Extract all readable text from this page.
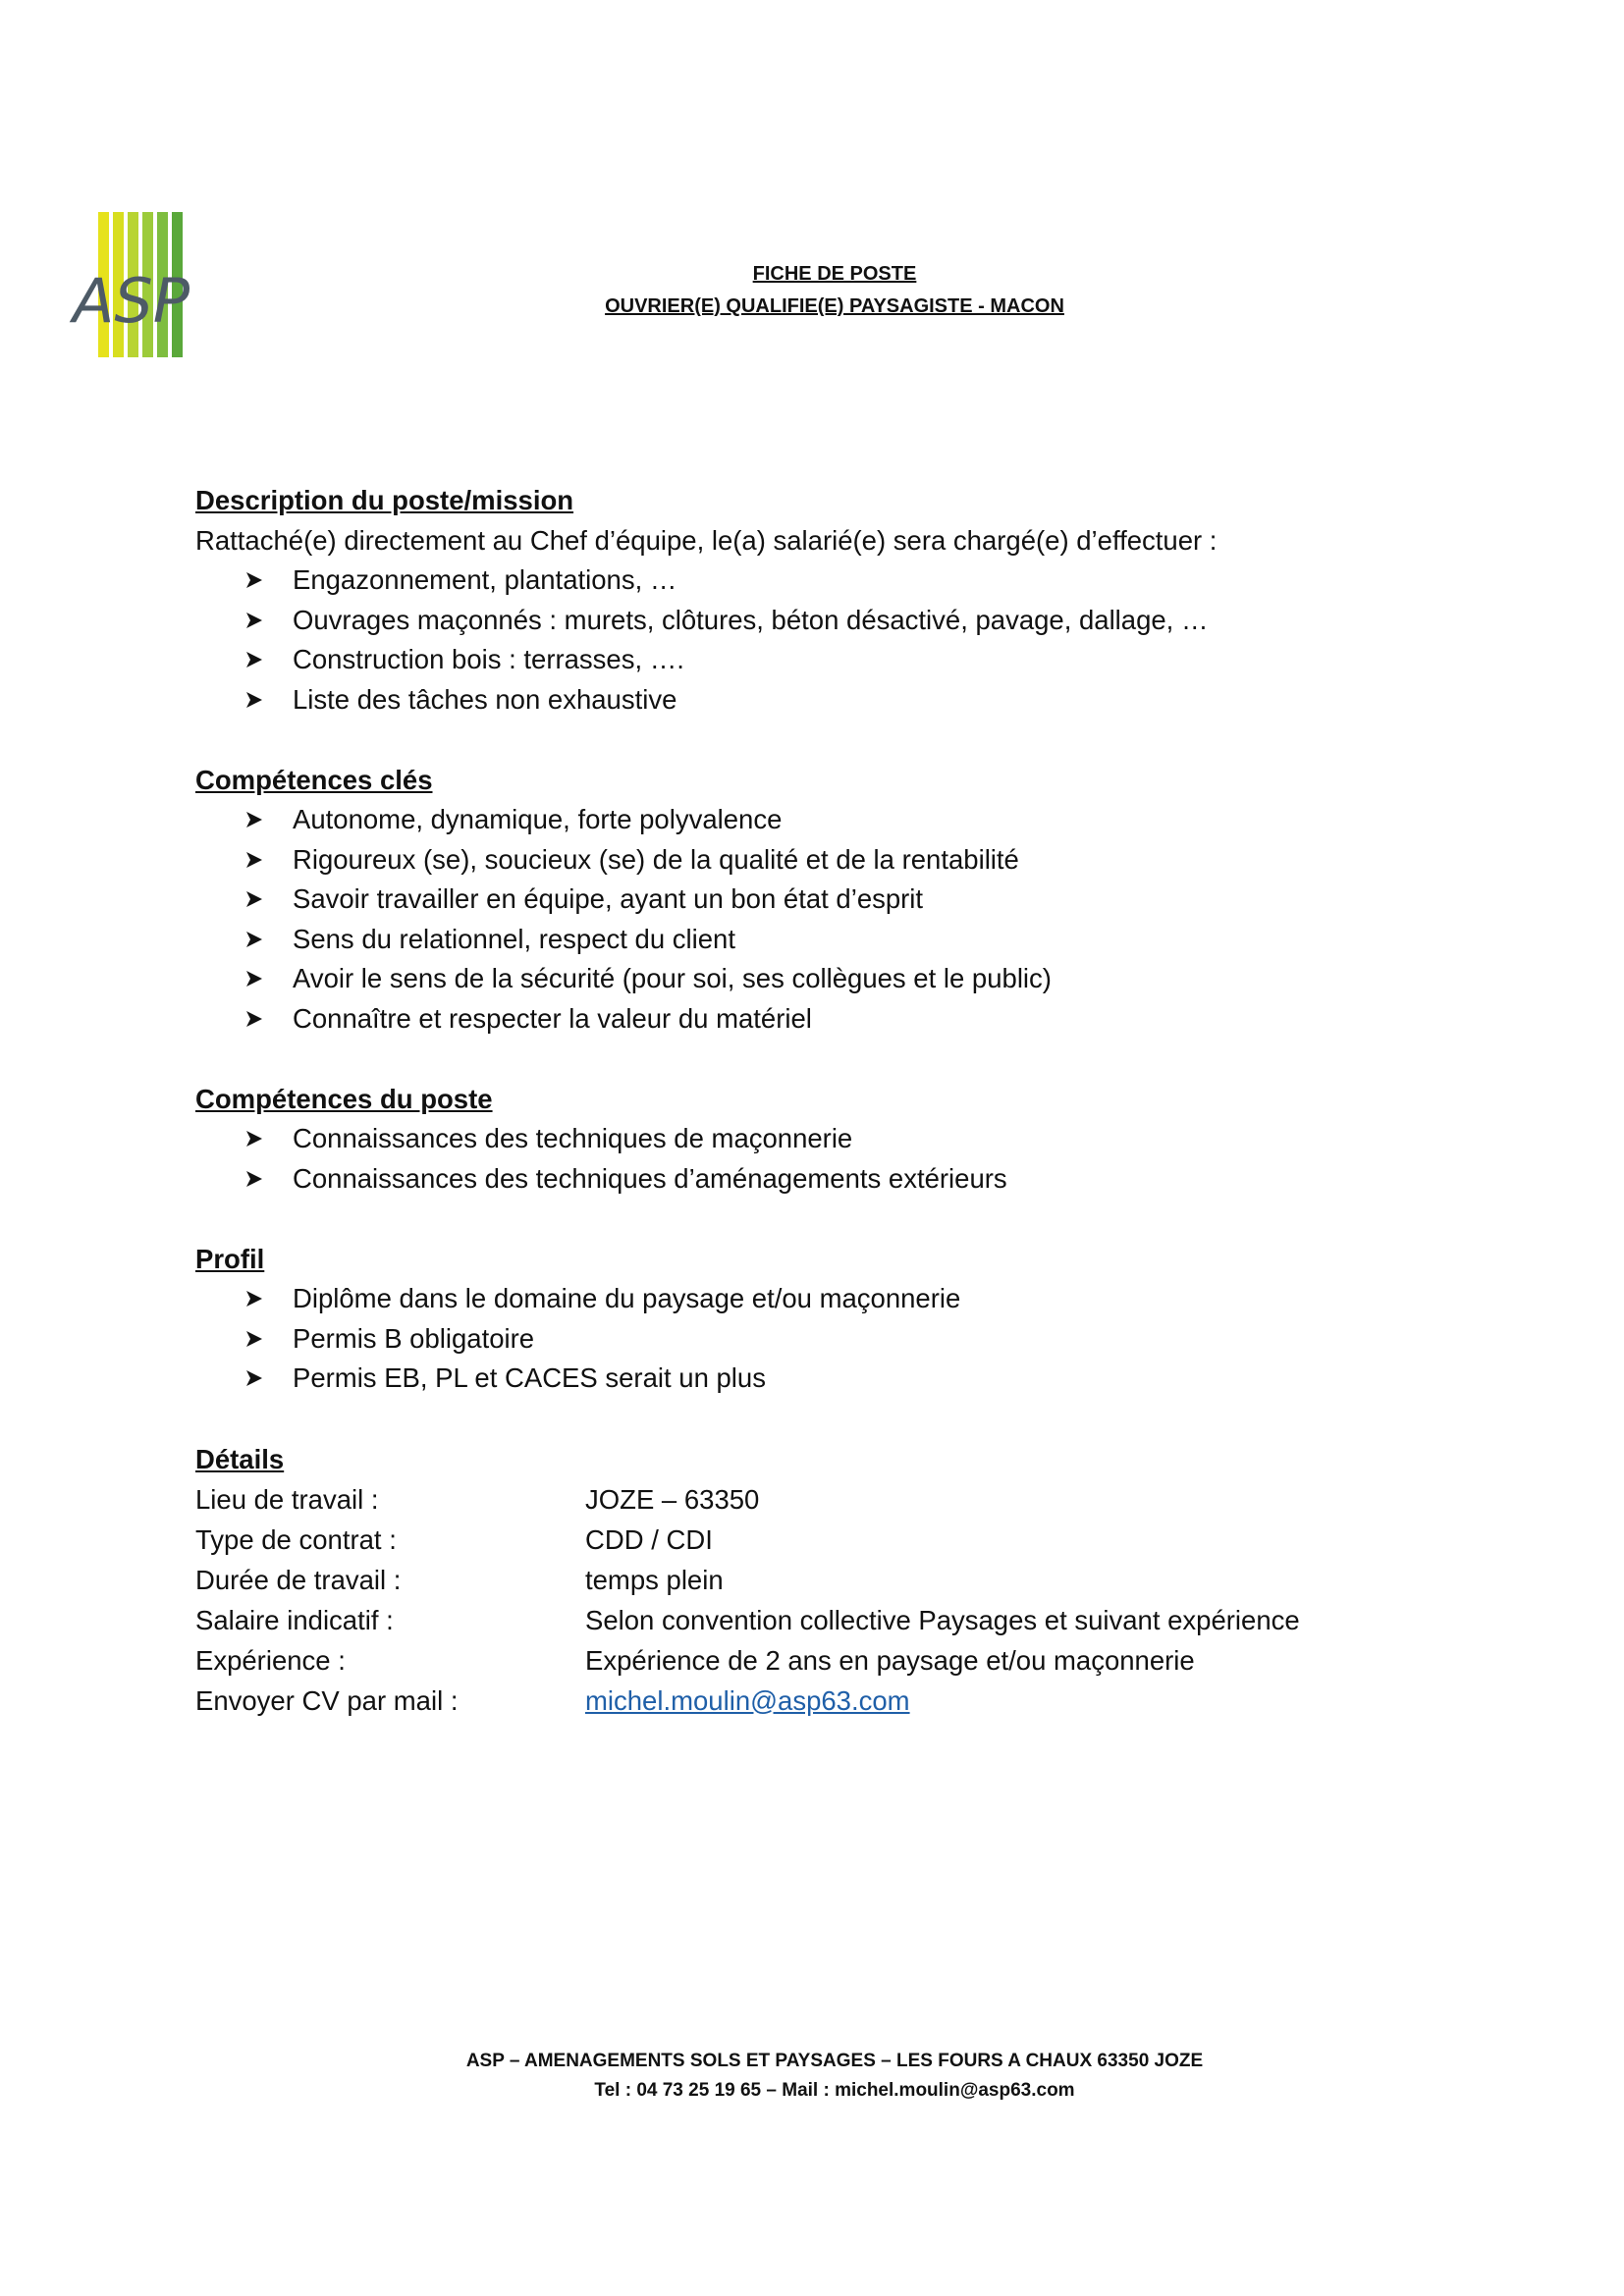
ASP	FICHE DE POSTE
OUVRIER(E) QUALIFIE(E) PAYSAGISTE - MACON
Description du poste/mission
Rattaché(e) directement au Chef d’équipe, le(a) salarié(e) sera chargé(e) d’effectuer :
Engazonnement, plantations, …
Ouvrages maçonnés : murets, clôtures, béton désactivé, pavage, dallage, …
Construction bois : terrasses, ….
Liste des tâches non exhaustive
Compétences clés
Autonome, dynamique, forte polyvalence
Rigoureux (se), soucieux (se) de la qualité et de la rentabilité
Savoir travailler en équipe, ayant un bon état d’esprit
Sens du relationnel, respect du client
Avoir le sens de la sécurité (pour soi, ses collègues et le public)
Connaître et respecter la valeur du matériel
Compétences du poste
Connaissances des techniques de maçonnerie
Connaissances des techniques d’aménagements extérieurs
Profil
Diplôme dans le domaine du paysage et/ou maçonnerie
Permis B obligatoire
Permis EB, PL et CACES serait un plus
Détails
Lieu de travail :	JOZE – 63350
Type de contrat :	CDD / CDI
Durée de travail :	temps plein
Salaire indicatif :	Selon convention collective Paysages et suivant expérience
Expérience :	Expérience de 2 ans en paysage et/ou maçonnerie
Envoyer CV par mail :	michel.moulin@asp63.com
ASP – AMENAGEMENTS SOLS ET PAYSAGES – LES FOURS A CHAUX 63350 JOZE
Tel : 04 73 25 19 65 – Mail : michel.moulin@asp63.com
